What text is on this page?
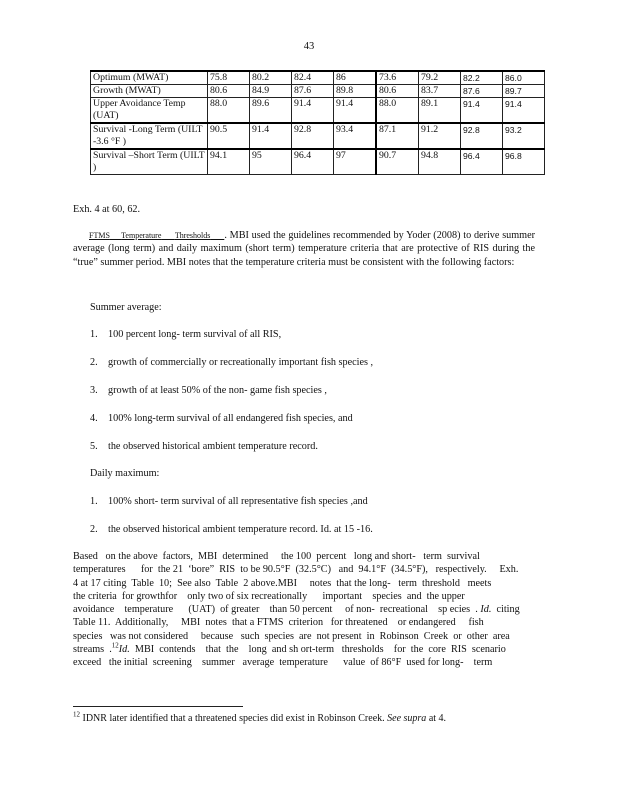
43
Optimum (MWAT)	75.8	80.2	82.4	86	73.6	79.2	82.2	86.0
Growth (MWAT)	80.6	84.9	87.6	89.8	80.6	83.7	87.6	89.7
Upper Avoidance Temp (UAT)	88.0	89.6	91.4	91.4	88.0	89.1	91.4	91.4
Survival -Long Term (UILT -3.6 °F )	90.5	91.4	92.8	93.4	87.1	91.2	92.8	93.2
Survival –Short Term (UILT )	94.1	95	96.4	97	90.7	94.8	96.4	96.8
Exh. 4 at 60, 62.
FTMS Temperature Thresholds . MBI used the guidelines recommended by Yoder (2008) to derive summer average (long term) and daily maximum (short term) temperature criteria that are protective of RIS during the “true” summer period. MBI notes that the temperature criteria must be consistent with the following factors:
Summer average:
1. 100 percent long- term survival of all RIS,
2. growth of commercially or recreationally important fish species ,
3. growth of at least 50% of the non- game fish species ,
4. 100% long-term survival of all endangered fish species, and
5. the observed historical ambient temperature record.
Daily maximum:
1. 100% short- term survival of all representative fish species ,and
2. the observed historical ambient temperature record. Id. at 15 -16.
Based   on the above  factors,  MBI  determined     the 100  percent   long and short-   term  survival
temperatures      for  the 21  ‘bore”  RIS  to be 90.5°F  (32.5°C)   and  94.1°F  (34.5°F),   respectively.     Exh.
4 at 17 citing  Table  10;  See also  Table  2 above.MBI     notes  that the long-   term  threshold   meets
the criteria  for growthfor    only two of six recreationally      important    species  and  the upper
avoidance    temperature      (UAT)  of greater    than 50 percent     of non-  recreational    sp ecies  . Id.  citing
Table 11.  Additionally,     MBI  notes  that a FTMS  criterion   for threatened    or endangered     fish
species   was not considered     because   such  species  are  not present  in  Robinson  Creek  or  other  area
streams  .$^{12}$Id.  MBI  contends    that  the    long  and sh ort-term   thresholds    for  the  core  RIS  scenario
exceed   the initial  screening    summer   average  temperature      value  of 86°F  used for long-    term
$^{12}$ IDNR later identified that a threatened species did exist in Robinson Creek. See supra at 4.
